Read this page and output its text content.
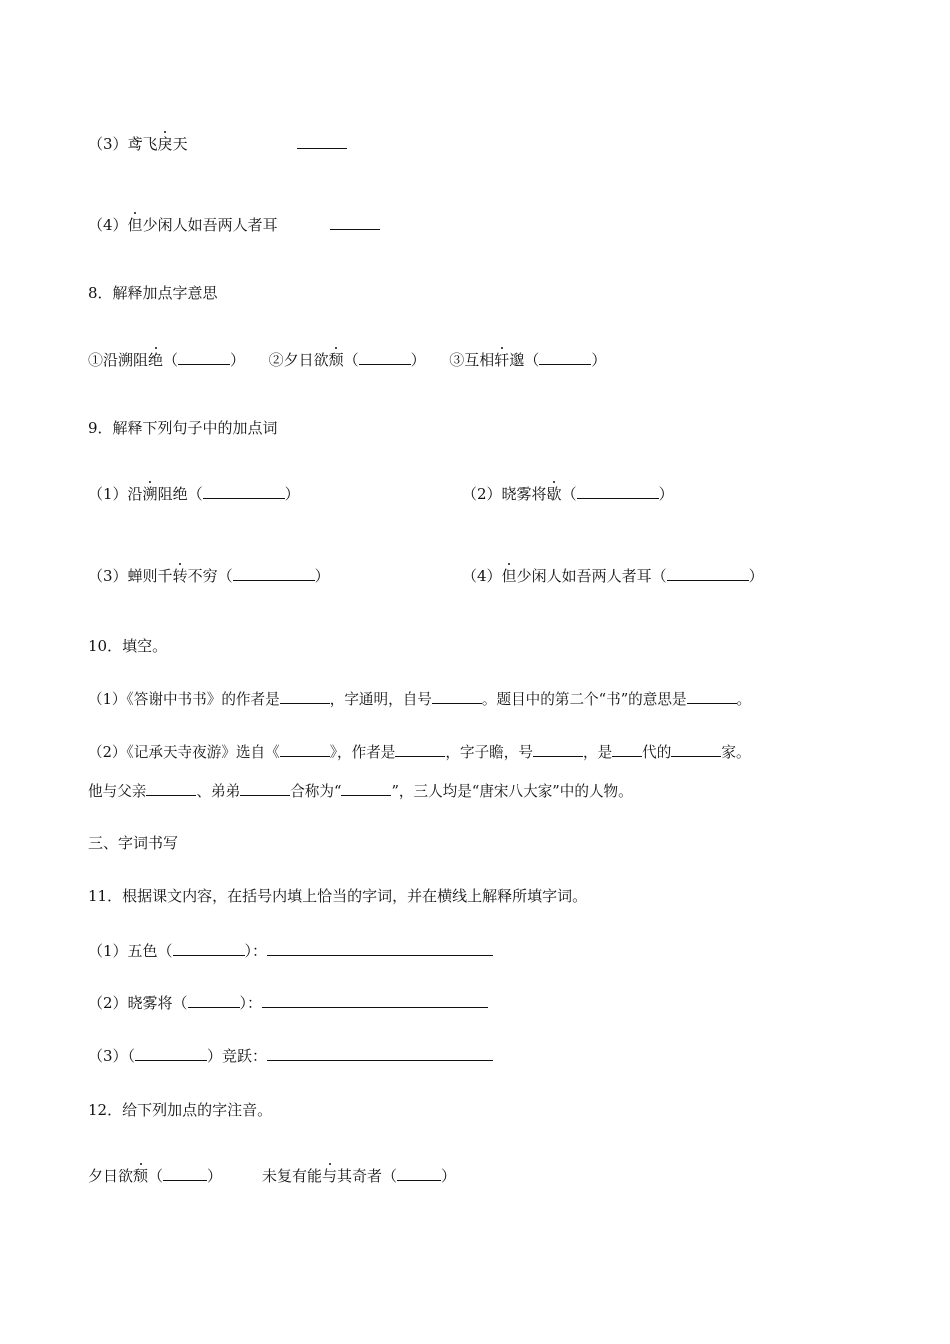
（3）鸢飞戾天
（4）但少闲人如吾两人者耳
8．解释加点字意思
①沿溯阻绝（	） ②夕日欲颓（	） ③互相轩邈（	）
9．解释下列句子中的加点词
（1）沿溯阻绝（	）	（2）晓雾将歇（	）
（3）蝉则千转不穷（	）	（4）但少闲人如吾两人者耳（	）
10．填空。
（1）《答谢中书书》的作者是	，字通明，自号	。题目中的第二个“书”的意思是	。
（2）《记承天寺夜游》选自《	》，作者是	，字子瞻，号	，是 代的	家。
他与父亲	、弟弟	合称为“	”，三人均是“唐宋八大家”中的人物。
三、字词书写
11．根据课文内容，在括号内填上恰当的字词，并在横线上解释所填字词。
（1）五色（	）：
（2）晓雾将（	）：
（3）（	）竞跃：
12．给下列加点的字注音。
夕日欲颓（	）	未复有能与其奇者（	）
